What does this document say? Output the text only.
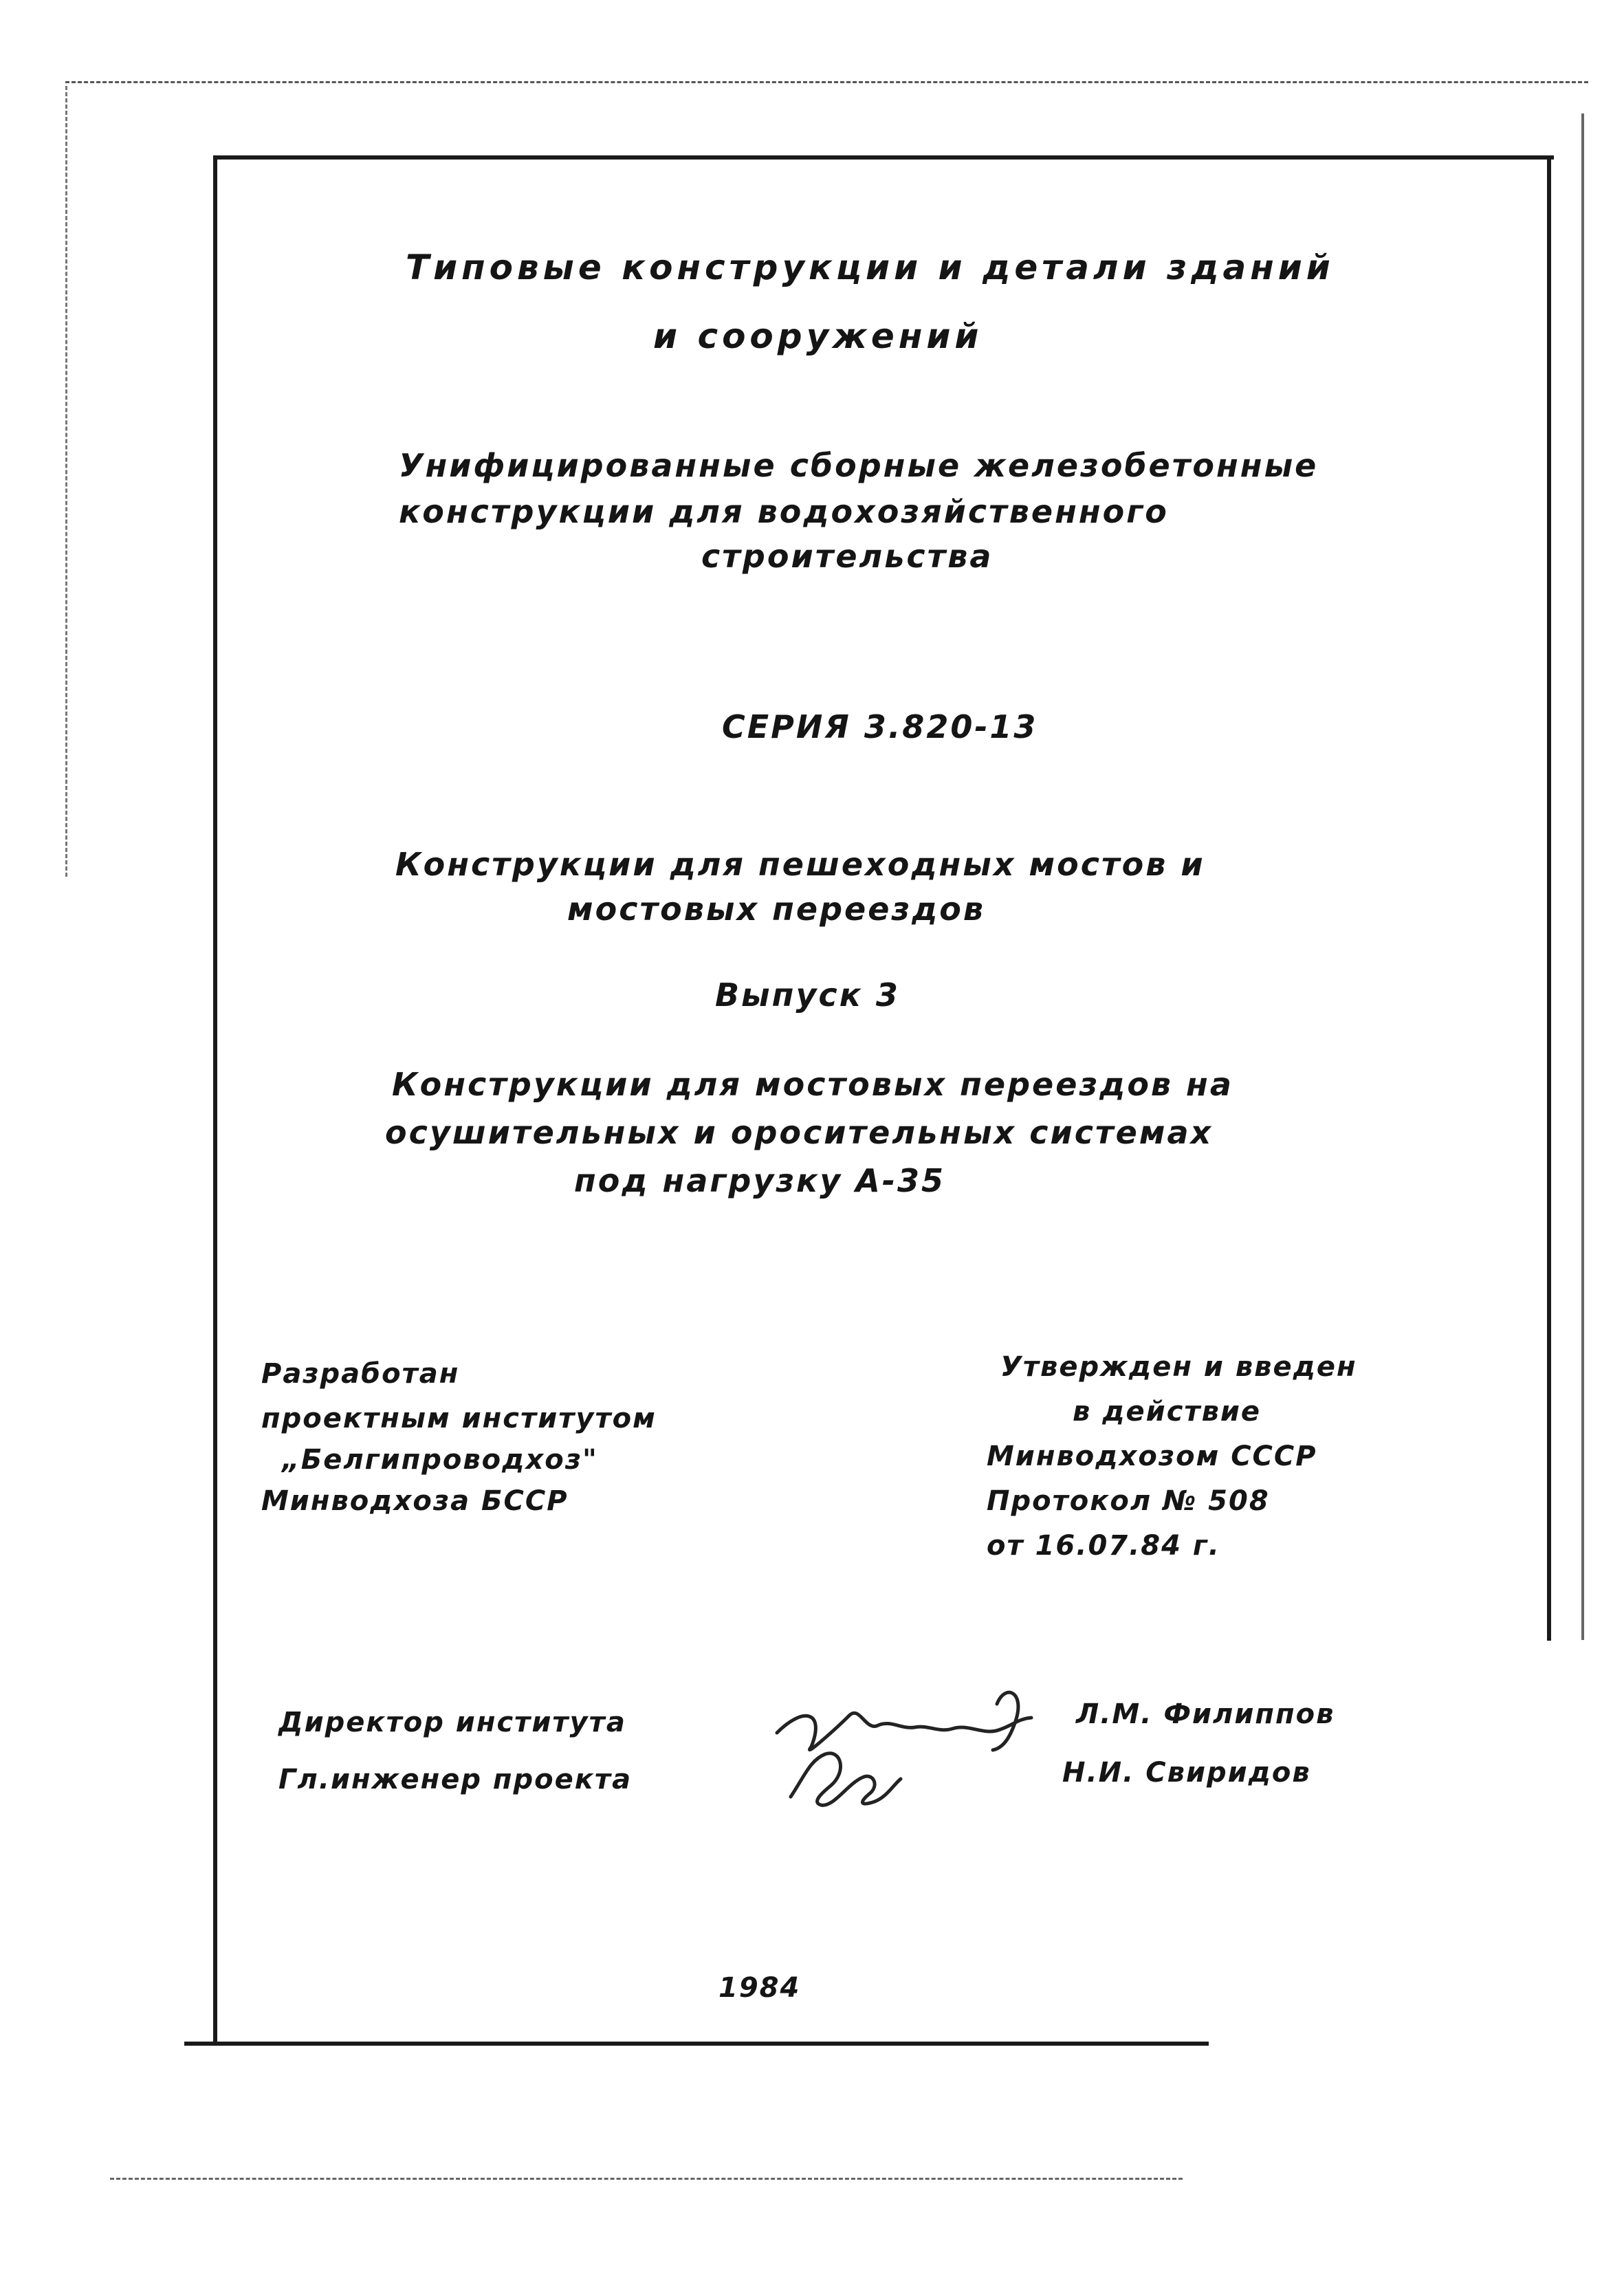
Типовые конструкции и детали зданий
и сооружений
Унифицированные сборные железобетонные
конструкции для водохозяйственного
строительства
СЕРИЯ 3.820-13
Конструкции для пешеходных мостов и
мостовых переездов
Выпуск 3
Конструкции для мостовых переездов на
осушительных и оросительных системах
под нагрузку А-35
Разработан
проектным институтом
„Белгипроводхоз"
Минводхоза БССР
Утвержден и введен
в действие
Минводхозом СССР
Протокол № 508
от 16.07.84 г.
Директор института	Л.М. Филиппов
Гл.инженер проекта	Н.И. Свиридов
1984
